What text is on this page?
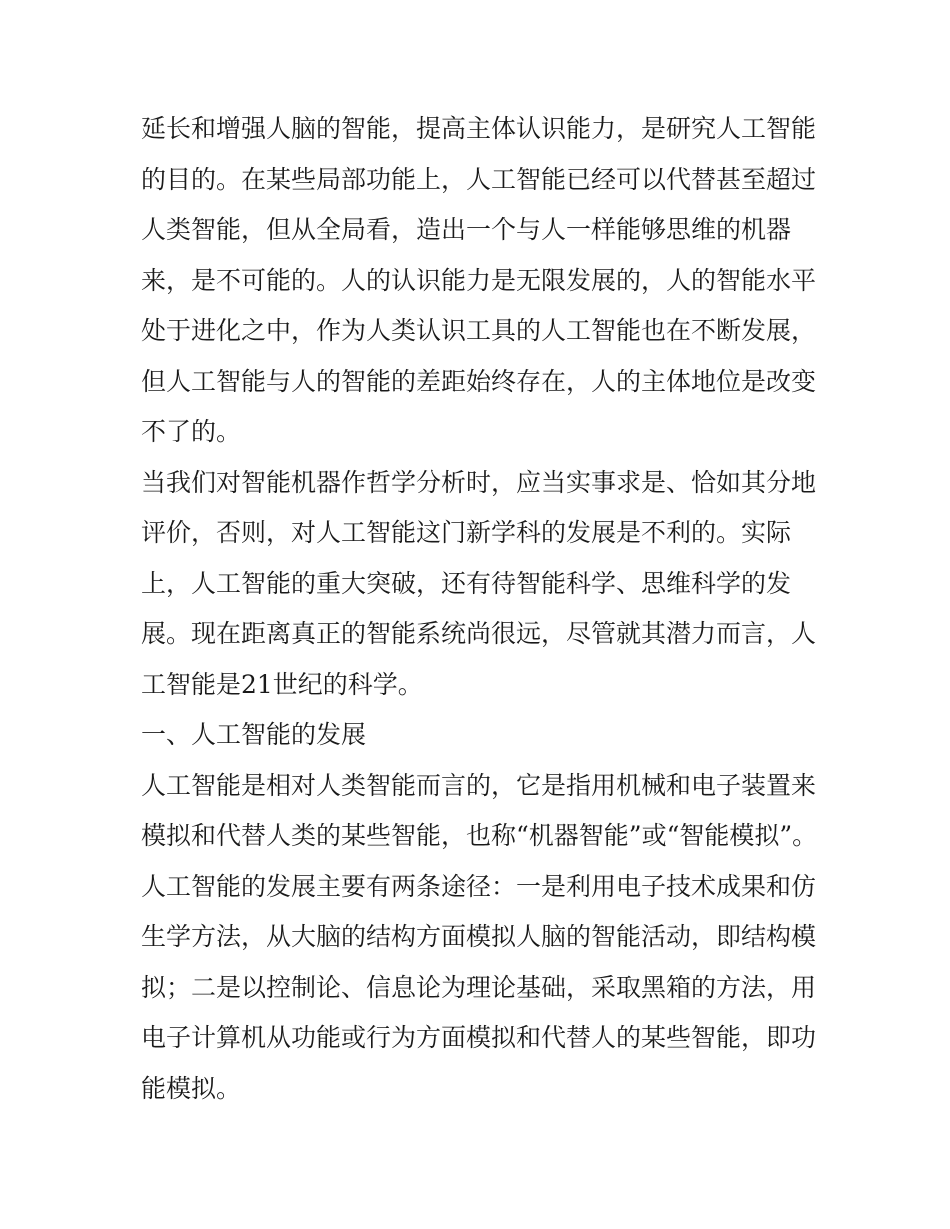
延长和增强人脑的智能，提高主体认识能力，是研究人工智能
的目的。在某些局部功能上，人工智能已经可以代替甚至超过
人类智能，但从全局看，造出一个与人一样能够思维的机器
来，是不可能的。人的认识能力是无限发展的，人的智能水平
处于进化之中，作为人类认识工具的人工智能也在不断发展，
但人工智能与人的智能的差距始终存在，人的主体地位是改变
不了的。
当我们对智能机器作哲学分析时，应当实事求是、恰如其分地
评价，否则，对人工智能这门新学科的发展是不利的。实际
上，人工智能的重大突破，还有待智能科学、思维科学的发
展。现在距离真正的智能系统尚很远，尽管就其潜力而言，人
工智能是21世纪的科学。
一、人工智能的发展
人工智能是相对人类智能而言的，它是指用机械和电子装置来
模拟和代替人类的某些智能，也称“机器智能”或“智能模拟”。
人工智能的发展主要有两条途径：一是利用电子技术成果和仿
生学方法，从大脑的结构方面模拟人脑的智能活动，即结构模
拟；二是以控制论、信息论为理论基础，采取黑箱的方法，用
电子计算机从功能或行为方面模拟和代替人的某些智能，即功
能模拟。
